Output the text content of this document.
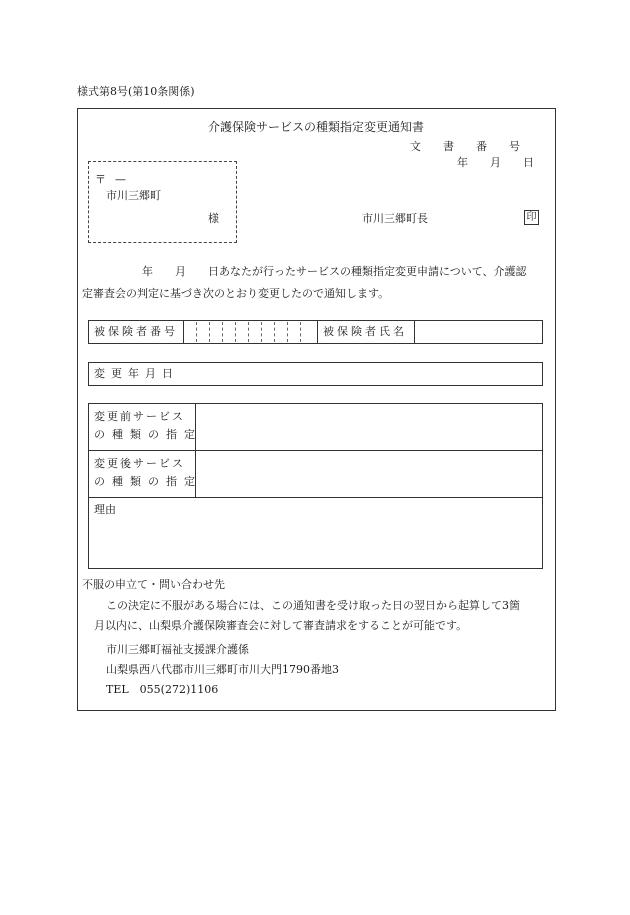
様式第8号(第10条関係)
介護保険サービスの種類指定変更通知書
文　　書　　番　　号
年　　月　　日
〒 —
市川三郷町
様	市川三郷町長	印
年　　月　　日あなたが行ったサービスの種類指定変更申請について、介護認
定審査会の判定に基づき次のとおり変更したので通知します。
被保険者番号	被保険者氏名
変更年月日
変更前サービス
の種類の指定
変更後サービス
の種類の指定
理由
不服の申立て・問い合わせ先
この決定に不服がある場合には、この通知書を受け取った日の翌日から起算して3箇
月以内に、山梨県介護保険審査会に対して審査請求をすることが可能です。
市川三郷町福祉支援課介護係
山梨県西八代郡市川三郷町市川大門1790番地3
TEL　055(272)1106
